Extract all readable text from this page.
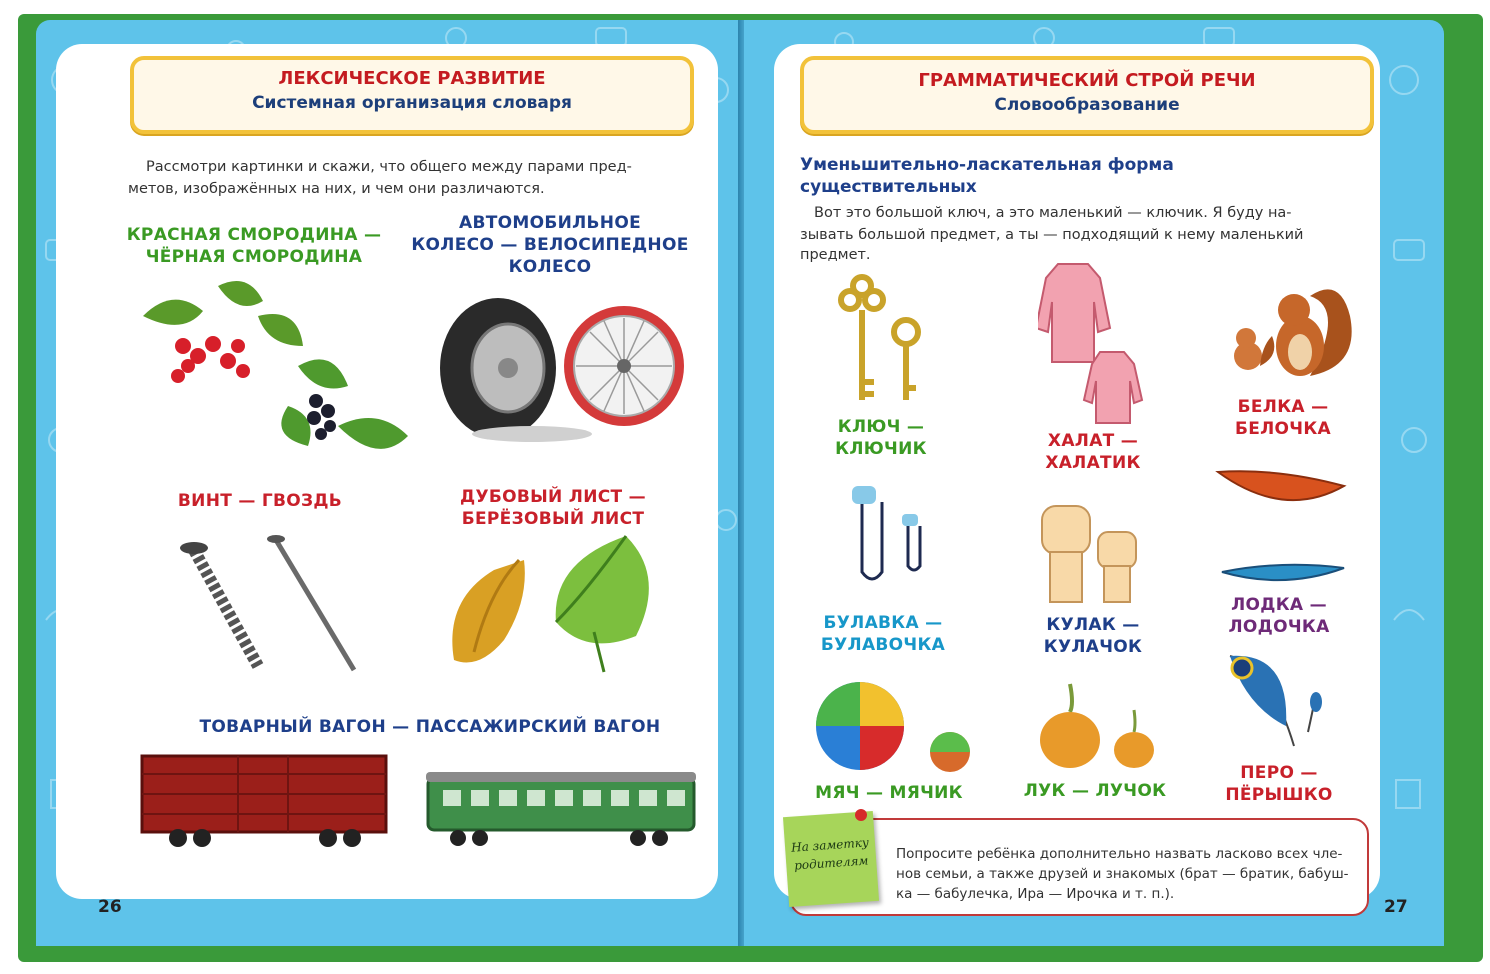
ЛЕКСИЧЕСКОЕ РАЗВИТИЕ
Системная организация словаря
Рассмотри картинки и скажи, что общего между парами пред-
метов, изображённых на них, и чем они различаются.
КРАСНАЯ СМОРОДИНА —
ЧЁРНАЯ СМОРОДИНА
АВТОМОБИЛЬНОЕ
КОЛЕСО — ВЕЛОСИПЕДНОЕ
КОЛЕСО
ВИНТ — ГВОЗДЬ	ДУБОВЫЙ ЛИСТ —
БЕРЁЗОВЫЙ ЛИСТ
ТОВАРНЫЙ ВАГОН — ПАССАЖИРСКИЙ ВАГОН
26
ГРАММАТИЧЕСКИЙ СТРОЙ РЕЧИ
Словообразование
Уменьшительно-ласкательная форма
существительных
Вот это большой ключ, а это маленький — ключик. Я буду на-
зывать большой предмет, а ты — подходящий к нему маленький
предмет.
КЛЮЧ —
КЛЮЧИК	ХАЛАТ —
ХАЛАТИК
БЕЛКА —
БЕЛОЧКА
ЛОДКА —
ЛОДОЧКА
БУЛАВКА —
БУЛАВОЧКА
КУЛАК —
КУЛАЧОК
МЯЧ — МЯЧИК	ЛУК — ЛУЧОК
ПЕРО —
ПЁРЫШКО
Попросите ребёнка дополнительно назвать ласково всех чле-
нов семьи, а также друзей и знакомых (брат — братик, бабуш-
ка — бабулечка, Ира — Ирочка и т. п.).
На заметку
родителям
27
